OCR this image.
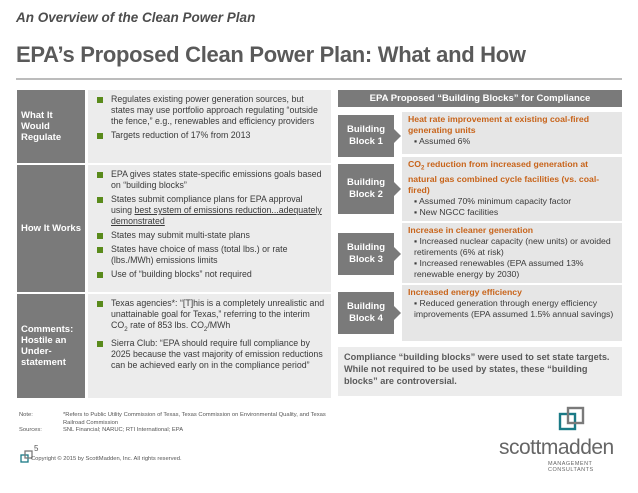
An Overview of the Clean Power Plan
EPA’s Proposed Clean Power Plan: What and How
What It Would Regulate
Regulates existing power generation sources, but states may use portfolio approach regulating “outside the fence,” e.g., renewables and efficiency providers
Targets reduction of 17% from 2013
How It Works
EPA gives states state-specific emissions goals based on “building blocks”
States submit compliance plans for EPA approval using best system of emissions reduction...adequately demonstrated
States may submit multi-state plans
States have choice of mass (total lbs.) or rate (lbs./MWh) emissions limits
Use of “building blocks” not required
Comments: Hostile an Under-statement
Texas agencies*: “[T]his is a completely unrealistic and unattainable goal for Texas,” referring to the interim $CO_2$ rate of 853 lbs. $CO_2$/MWh
Sierra Club: “EPA should require full compliance by 2025 because the vast majority of emission reductions can be achieved early on in the compliance period”
EPA Proposed “Building Blocks” for Compliance
Building Block 1
Heat rate improvement at existing coal-fired generating units
▪ Assumed 6%
Building Block 2
$CO_2$ reduction from increased generation at natural gas combined cycle facilities (vs. coal-fired)
▪ Assumed 70% minimum capacity factor
▪ New NGCC facilities
Building Block 3
Increase in cleaner generation
▪ Increased nuclear capacity (new units) or avoided retirements (6% at risk)
▪ Increased renewables (EPA assumed 13% renewable energy by 2030)
Building Block 4
Increased energy efficiency
▪ Reduced generation through energy efficiency improvements (EPA assumed 1.5% annual savings)
Compliance “building blocks” were used to set state targets. While not required to be used by states, these “building blocks” are controversial.
Note:	*Refers to Public Utility Commission of Texas, Texas Commission on Environmental Quality, and Texas Railroad Commission
Sources:	SNL Financial; NARUC; RTI International; EPA
5
Copyright © 2015 by ScottMadden, Inc. All rights reserved.	scottmadden
MANAGEMENT CONSULTANTS
